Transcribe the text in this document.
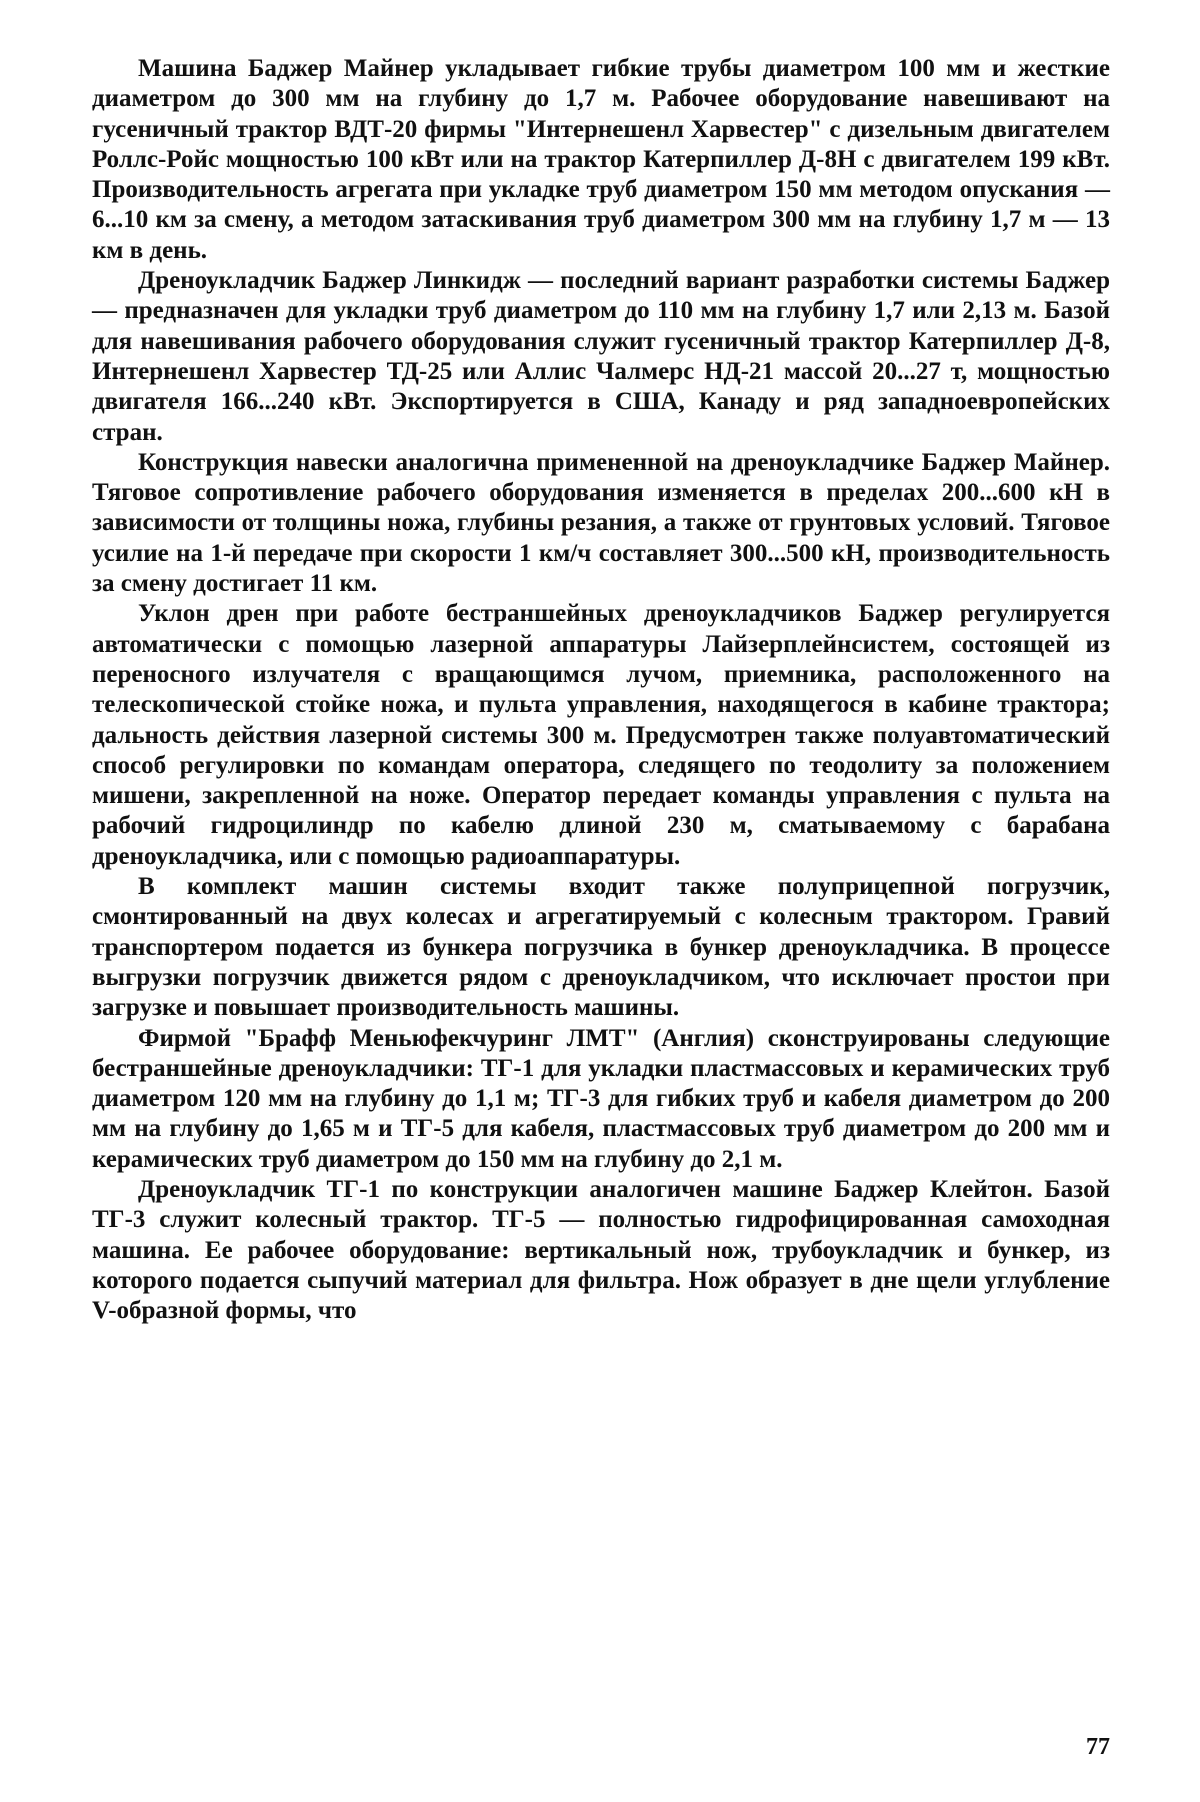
Машина Баджер Майнер укладывает гибкие трубы диаметром 100 мм и жесткие диаметром до 300 мм на глубину до 1,7 м. Рабочее оборудование навешивают на гусеничный трактор ВДТ-20 фирмы "Интернешенл Харвестер" с дизельным двигателем Роллс-Ройс мощностью 100 кВт или на трактор Катерпиллер Д-8Н с двигателем 199 кВт. Производительность агрегата при укладке труб диаметром 150 мм методом опускания — 6...10 км за смену, а методом затаскивания труб диаметром 300 мм на глубину 1,7 м — 13 км в день.

Дреноукладчик Баджер Линкидж — последний вариант разработки системы Баджер — предназначен для укладки труб диаметром до 110 мм на глубину 1,7 или 2,13 м. Базой для навешивания рабочего оборудования служит гусеничный трактор Катерпиллер Д-8, Интернешенл Харвестер ТД-25 или Аллис Чалмерс НД-21 массой 20...27 т, мощностью двигателя 166...240 кВт. Экспортируется в США, Канаду и ряд западноевропейских стран.

Конструкция навески аналогична примененной на дреноукладчике Баджер Майнер. Тяговое сопротивление рабочего оборудования изменяется в пределах 200...600 кН в зависимости от толщины ножа, глубины резания, а также от грунтовых условий. Тяговое усилие на 1-й передаче при скорости 1 км/ч составляет 300...500 кН, производительность за смену достигает 11 км.

Уклон дрен при работе бестраншейных дреноукладчиков Баджер регулируется автоматически с помощью лазерной аппаратуры Лайзерплейнсистем, состоящей из переносного излучателя с вращающимся лучом, приемника, расположенного на телескопической стойке ножа, и пульта управления, находящегося в кабине трактора; дальность действия лазерной системы 300 м. Предусмотрен также полуавтоматический способ регулировки по командам оператора, следящего по теодолиту за положением мишени, закрепленной на ноже. Оператор передает команды управления с пульта на рабочий гидроцилиндр по кабелю длиной 230 м, сматываемому с барабана дреноукладчика, или с помощью радиоаппаратуры.

В комплект машин системы входит также полуприцепной погрузчик, смонтированный на двух колесах и агрегатируемый с колесным трактором. Гравий транспортером подается из бункера погрузчика в бункер дреноукладчика. В процессе выгрузки погрузчик движется рядом с дреноукладчиком, что исключает простои при загрузке и повышает производительность машины.

Фирмой "Брафф Меньюфекчуринг ЛМТ" (Англия) сконструированы следующие бестраншейные дреноукладчики: ТГ-1 для укладки пластмассовых и керамических труб диаметром 120 мм на глубину до 1,1 м; ТГ-3 для гибких труб и кабеля диаметром до 200 мм на глубину до 1,65 м и ТГ-5 для кабеля, пластмассовых труб диаметром до 200 мм и керамических труб диаметром до 150 мм на глубину до 2,1 м.

Дреноукладчик ТГ-1 по конструкции аналогичен машине Баджер Клейтон. Базой ТГ-3 служит колесный трактор. ТГ-5 — полностью гидрофицированная самоходная машина. Ее рабочее оборудование: вертикальный нож, трубоукладчик и бункер, из которого подается сыпучий материал для фильтра. Нож образует в дне щели углубление V-образной формы, что

77
